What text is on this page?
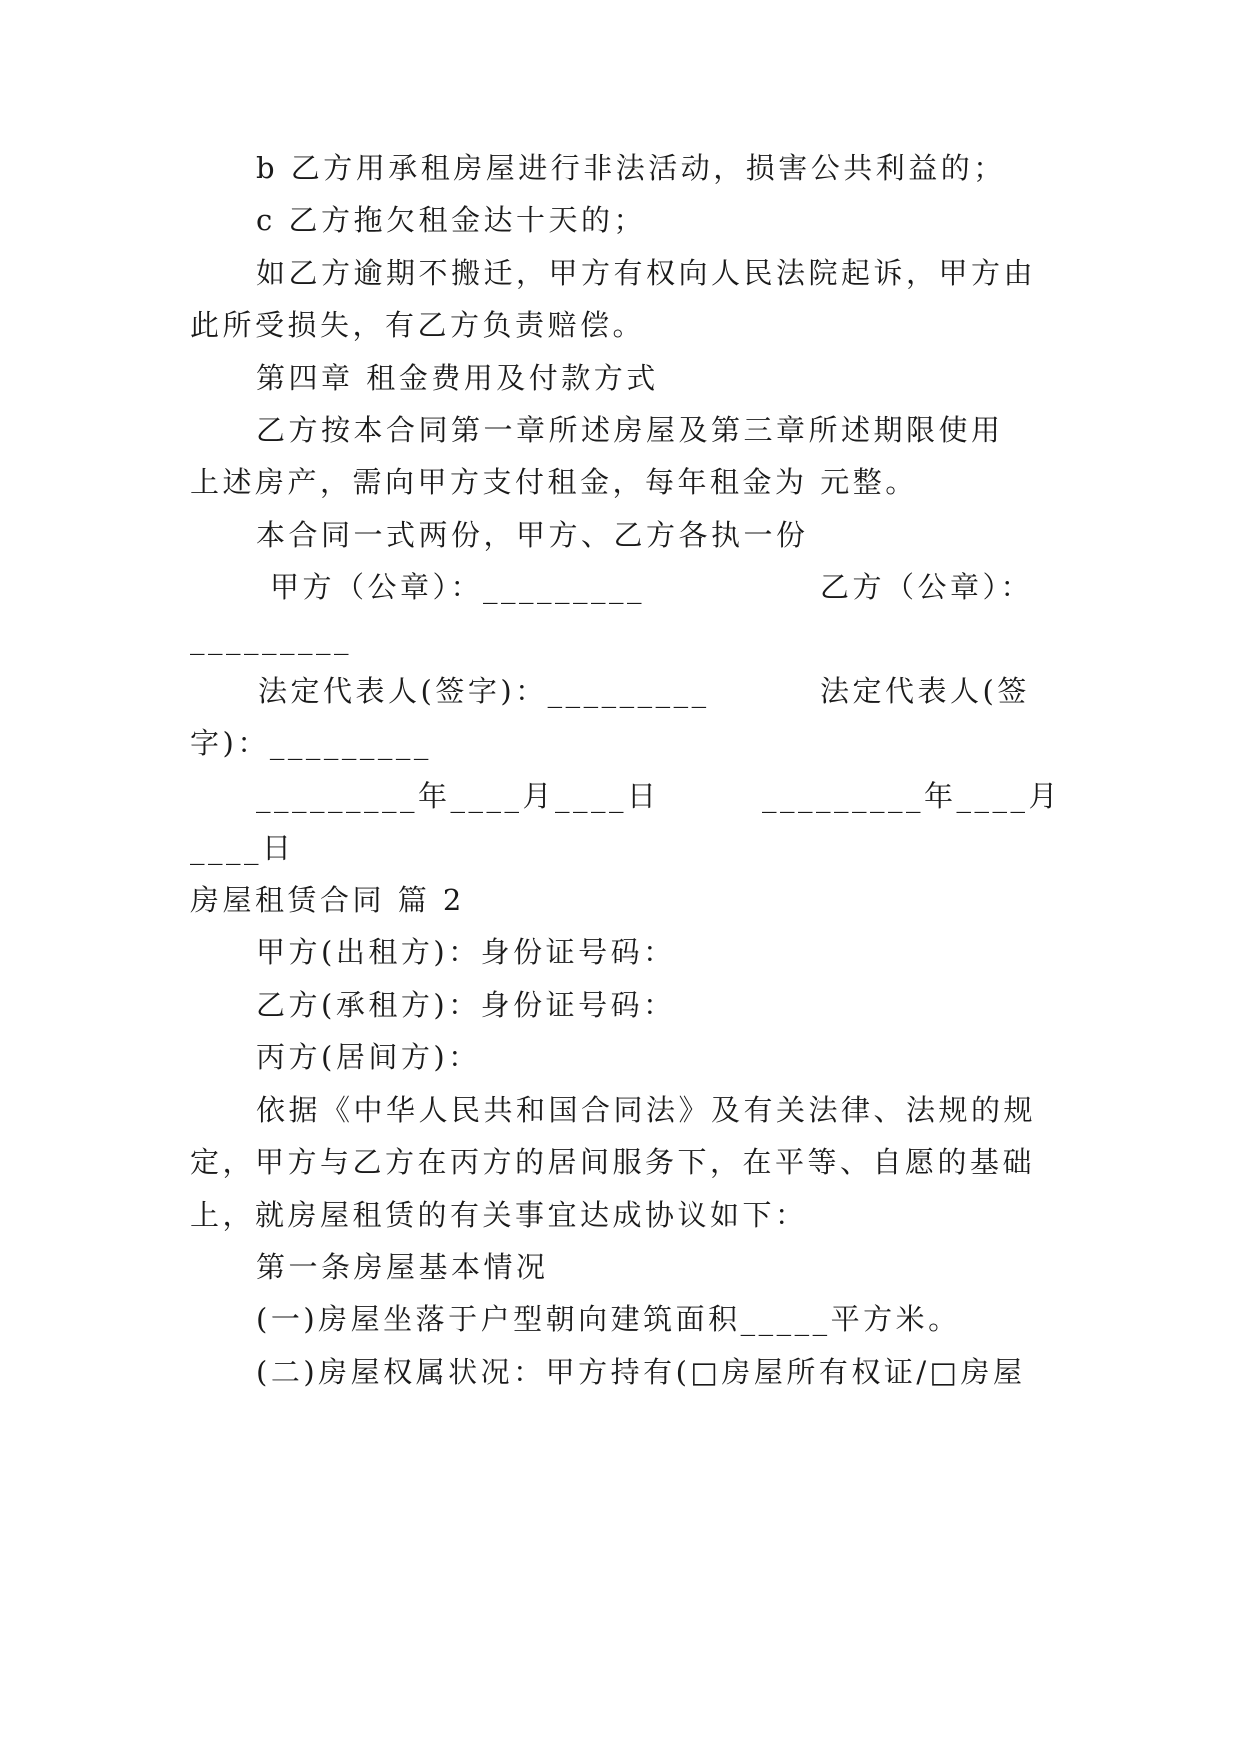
b 乙方用承租房屋进行非法活动，损害公共利益的；
c 乙方拖欠租金达十天的；
如乙方逾期不搬迁，甲方有权向人民法院起诉，甲方由
此所受损失，有乙方负责赔偿。
第四章 租金费用及付款方式
乙方按本合同第一章所述房屋及第三章所述期限使用
上述房产，需向甲方支付租金，每年租金为 元整。
本合同一式两份，甲方、乙方各执一份
甲方（公章）：_________	乙方（公章）：
_________
法定代表人(签字)：_________	法定代表人(签
字)：_________
_________年____月____日	_________年____月
____日
房屋租赁合同 篇 2
甲方(出租方)：身份证号码：
乙方(承租方)：身份证号码：
丙方(居间方)：
依据《中华人民共和国合同法》及有关法律、法规的规
定，甲方与乙方在丙方的居间服务下，在平等、自愿的基础
上，就房屋租赁的有关事宜达成协议如下：
第一条房屋基本情况
(一)房屋坐落于户型朝向建筑面积_____平方米。
(二)房屋权属状况：甲方持有(□房屋所有权证/□房屋
